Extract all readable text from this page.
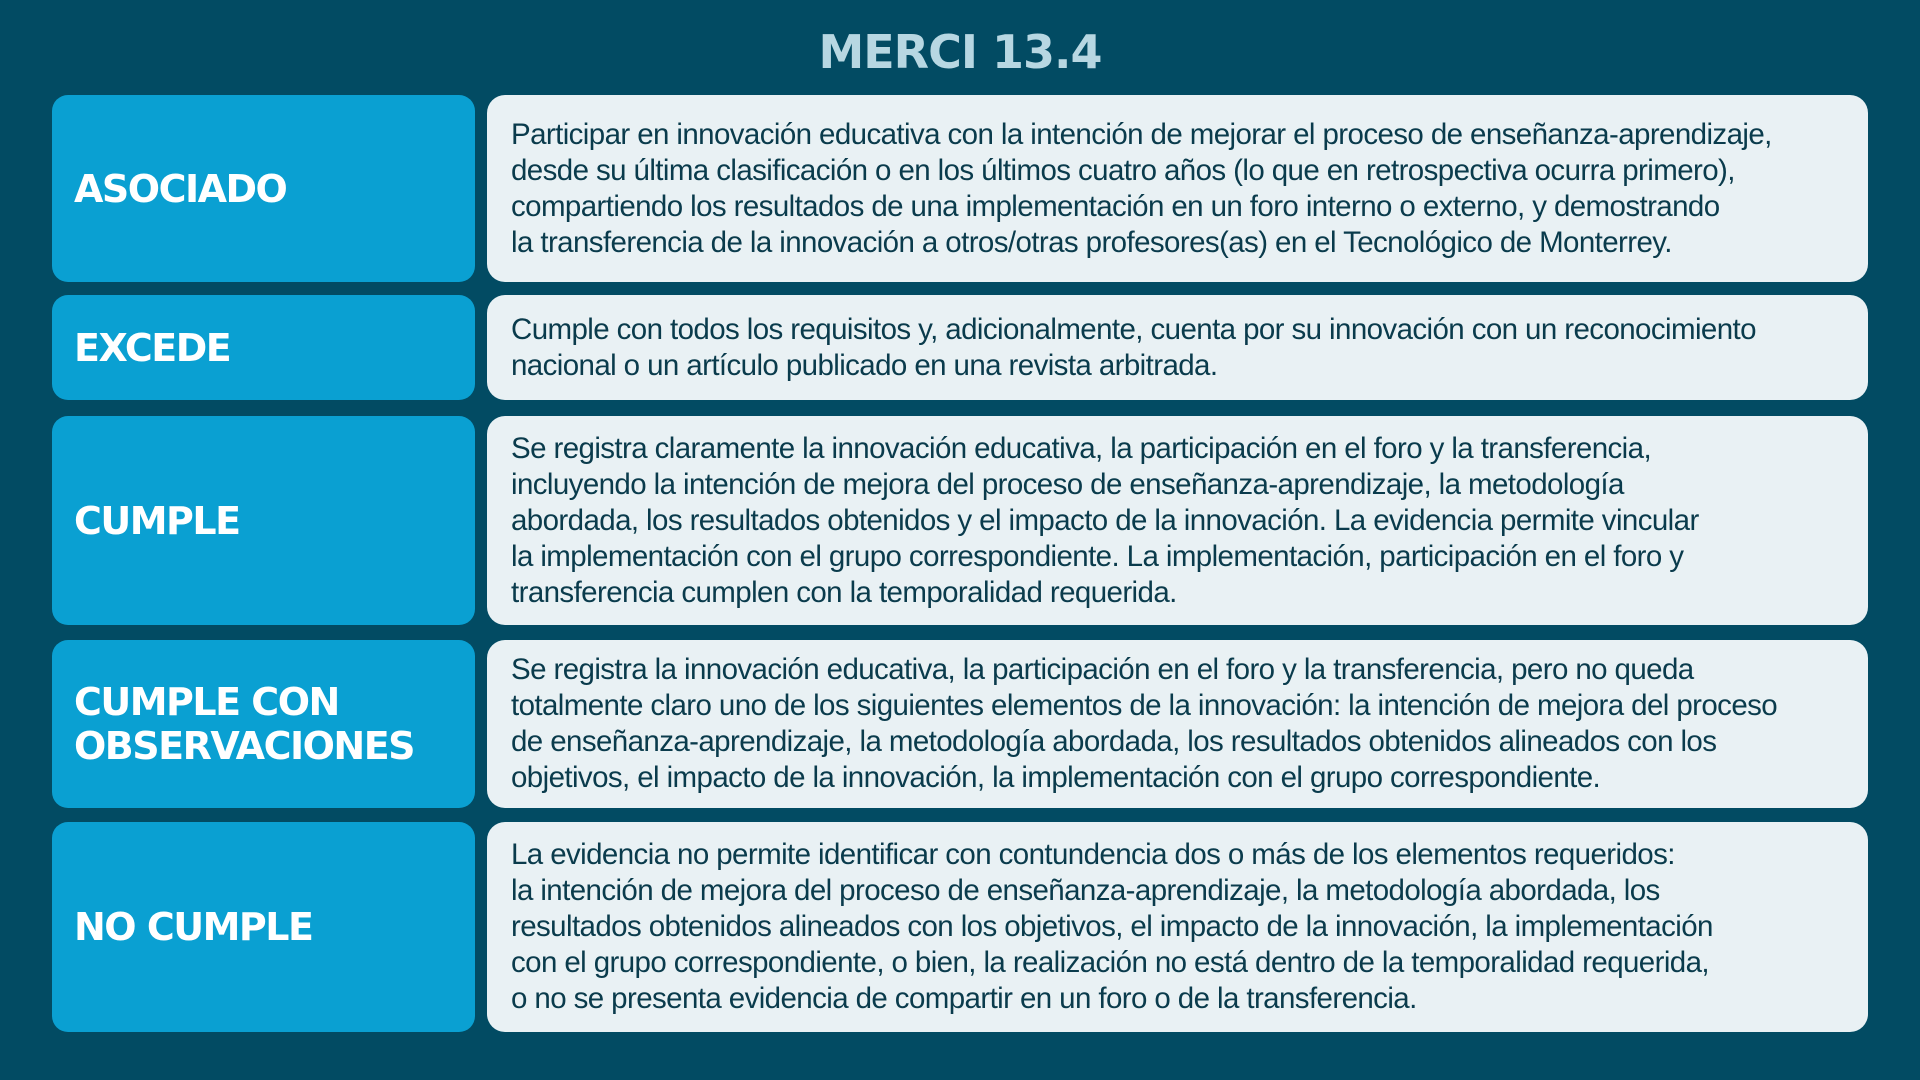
MERCI 13.4
ASOCIADO
Participar en innovación educativa con la intención de mejorar el proceso de enseñanza-aprendizaje,
desde su última clasificación o en los últimos cuatro años (lo que en retrospectiva ocurra primero),
compartiendo los resultados de una implementación en un foro interno o externo, y demostrando
la transferencia de la innovación a otros/otras profesores(as) en el Tecnológico de Monterrey.
EXCEDE	Cumple con todos los requisitos y, adicionalmente, cuenta por su innovación con un reconocimiento
nacional o un artículo publicado en una revista arbitrada.
CUMPLE
Se registra claramente la innovación educativa, la participación en el foro y la transferencia,
incluyendo la intención de mejora del proceso de enseñanza-aprendizaje, la metodología
abordada, los resultados obtenidos y el impacto de la innovación. La evidencia permite vincular
la implementación con el grupo correspondiente. La implementación, participación en el foro y
transferencia cumplen con la temporalidad requerida.
CUMPLE CON
OBSERVACIONES
Se registra la innovación educativa, la participación en el foro y la transferencia, pero no queda
totalmente claro uno de los siguientes elementos de la innovación: la intención de mejora del proceso
de enseñanza-aprendizaje, la metodología abordada, los resultados obtenidos alineados con los
objetivos, el impacto de la innovación, la implementación con el grupo correspondiente.
NO CUMPLE
La evidencia no permite identificar con contundencia dos o más de los elementos requeridos:
la intención de mejora del proceso de enseñanza-aprendizaje, la metodología abordada, los
resultados obtenidos alineados con los objetivos, el impacto de la innovación, la implementación
con el grupo correspondiente, o bien, la realización no está dentro de la temporalidad requerida,
o no se presenta evidencia de compartir en un foro o de la transferencia.
